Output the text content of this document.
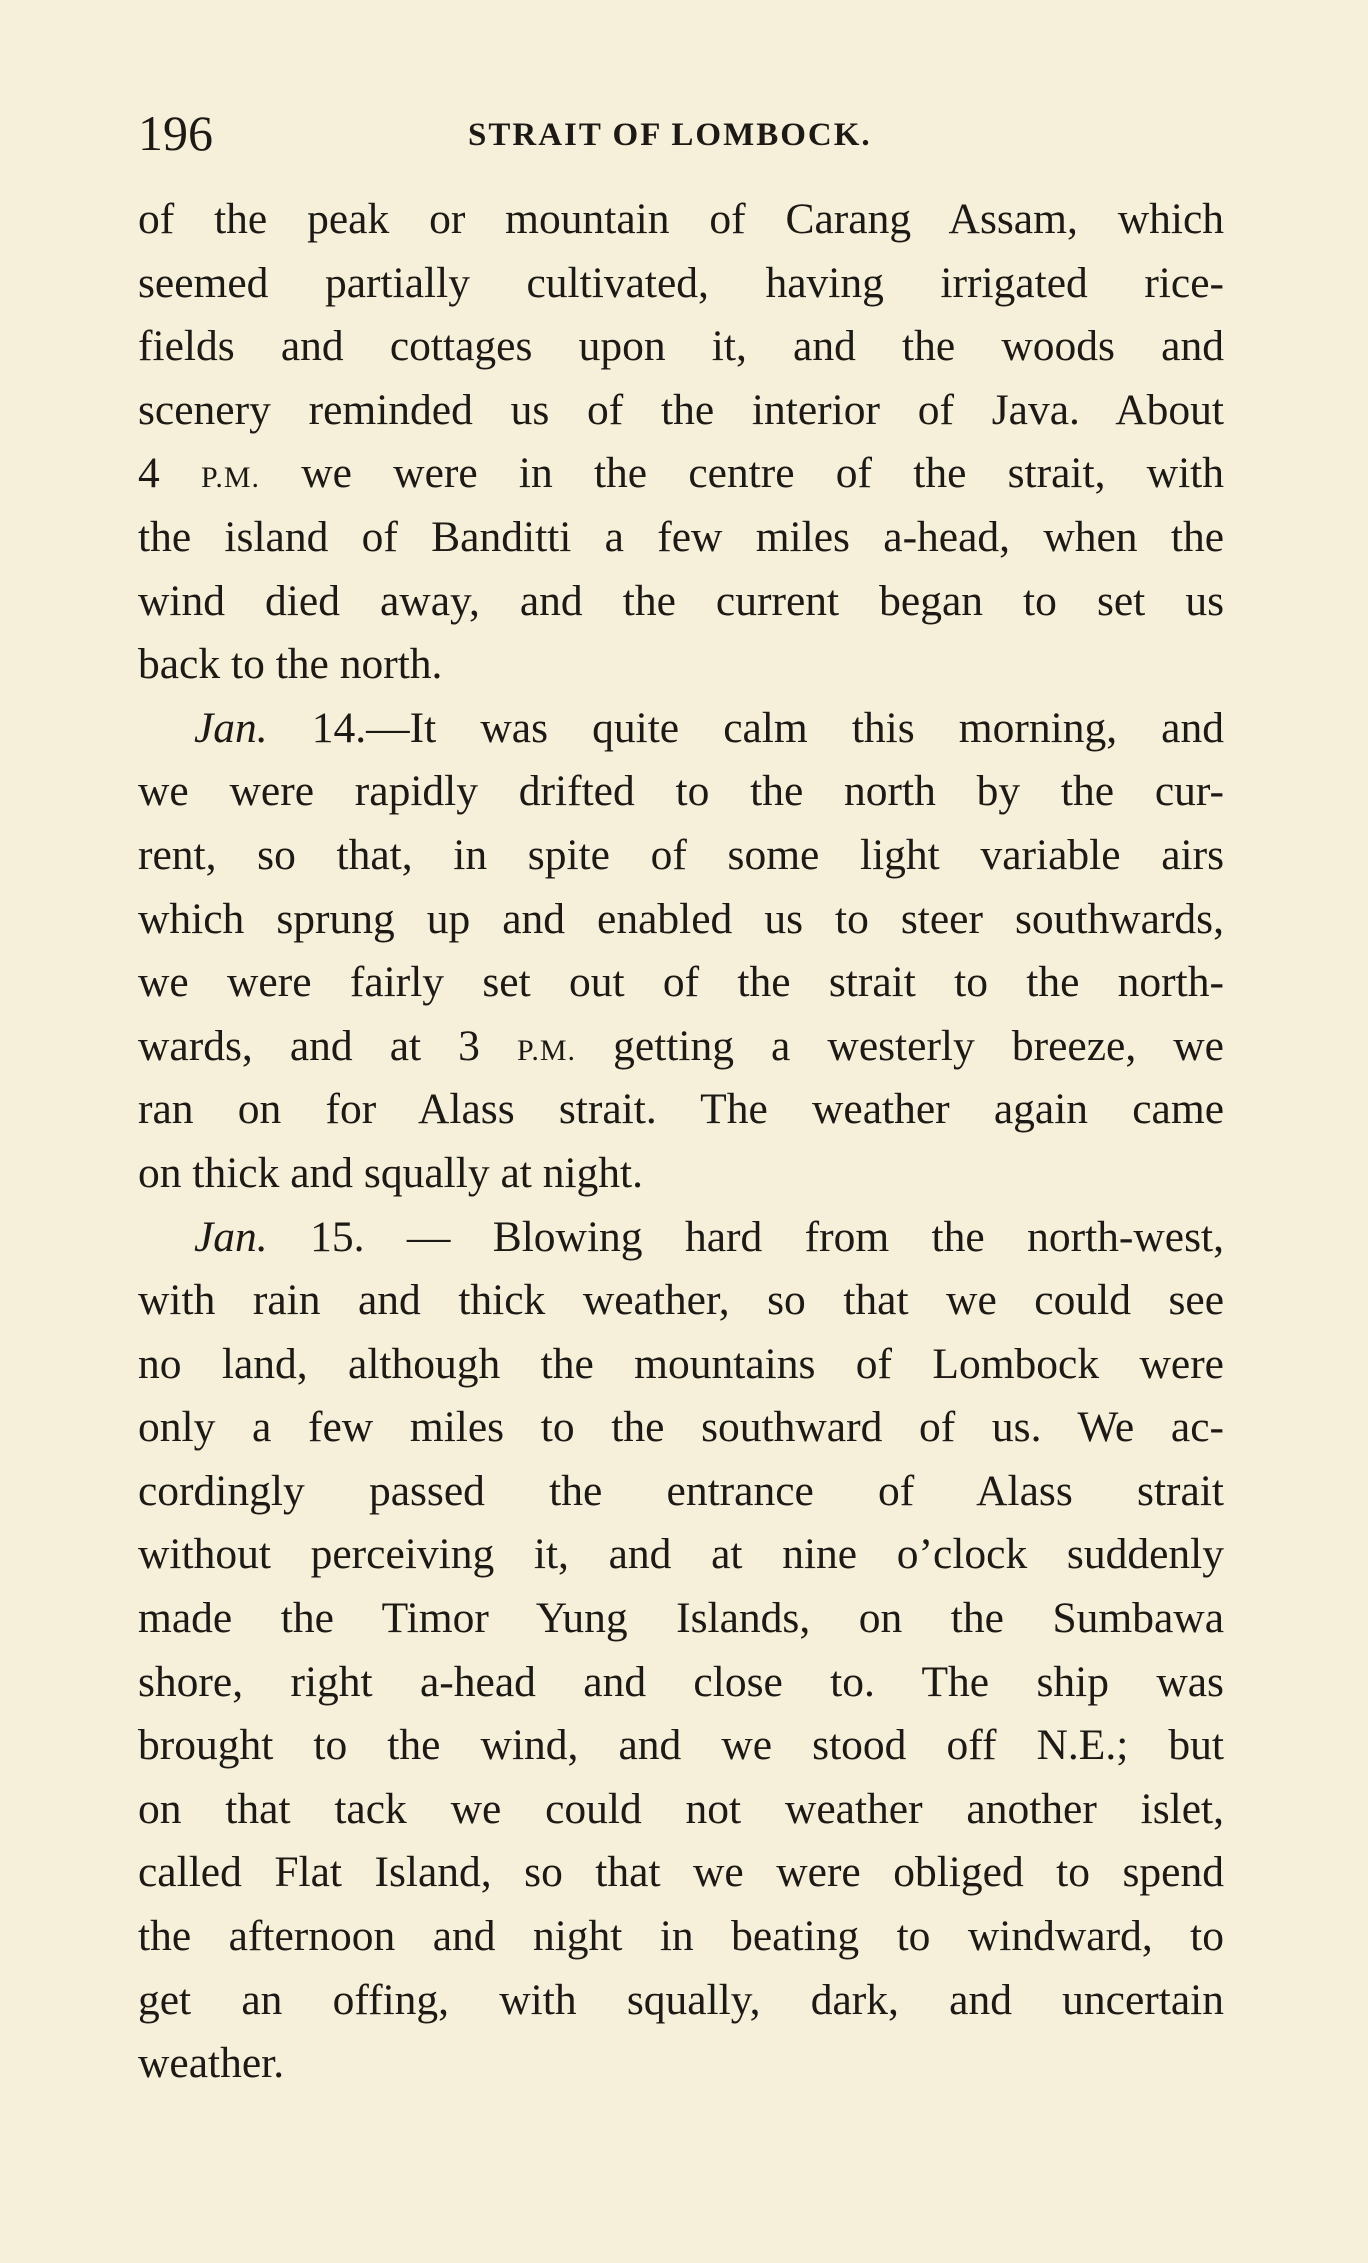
196	STRAIT OF LOMBOCK.
of the peak or mountain of Carang Assam, which
seemed partially cultivated, having irrigated rice-
fields and cottages upon it, and the woods and
scenery reminded us of the interior of Java. About
4 P.M. we were in the centre of the strait, with
the island of Banditti a few miles a-head, when the
wind died away, and the current began to set us
back to the north.
Jan. 14.—It was quite calm this morning, and
we were rapidly drifted to the north by the cur-
rent, so that, in spite of some light variable airs
which sprung up and enabled us to steer southwards,
we were fairly set out of the strait to the north-
wards, and at 3 P.M. getting a westerly breeze, we
ran on for Alass strait. The weather again came
on thick and squally at night.
Jan. 15. — Blowing hard from the north-west,
with rain and thick weather, so that we could see
no land, although the mountains of Lombock were
only a few miles to the southward of us. We ac-
cordingly passed the entrance of Alass strait
without perceiving it, and at nine o’clock suddenly
made the Timor Yung Islands, on the Sumbawa
shore, right a-head and close to. The ship was
brought to the wind, and we stood off N.E.; but
on that tack we could not weather another islet,
called Flat Island, so that we were obliged to spend
the afternoon and night in beating to windward, to
get an offing, with squally, dark, and uncertain
weather.
